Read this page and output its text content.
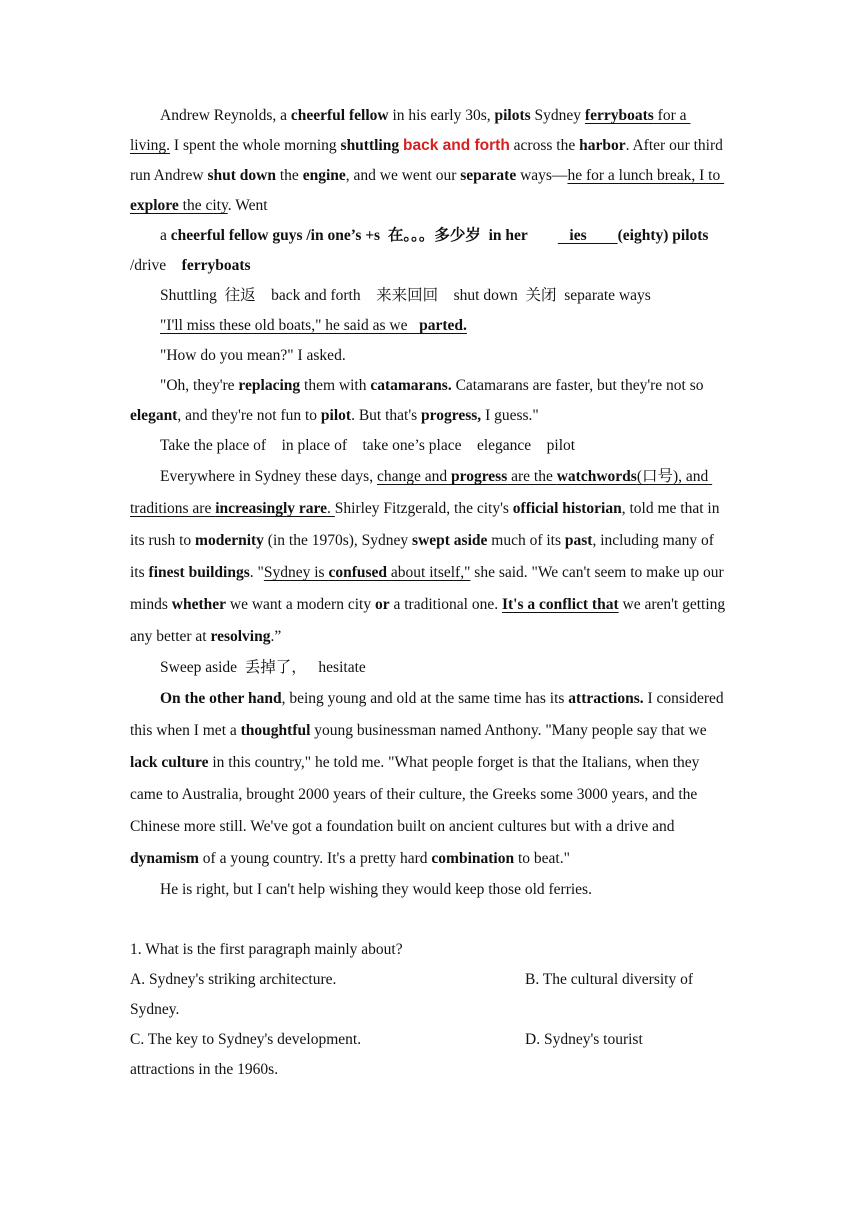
Andrew Reynolds, a cheerful fellow in his early 30s, pilots Sydney ferryboats for a living. I spent the whole morning shuttling back and forth across the harbor. After our third run Andrew shut down the engine, and we went our separate ways—he for a lunch break, I to explore the city. Went

a cheerful fellow guys /in one’s +s  在。。。多少岁  in her   ies        (eighty) pilots /drive    ferryboats

Shuttling  往返    back and forth    来来回回    shut down  关闭  separate ways

"I'll miss these old boats," he said as we   parted.

"How do you mean?" I asked.

"Oh, they're replacing them with catamarans. Catamarans are faster, but they're not so elegant, and they're not fun to pilot. But that's progress, I guess."

Take the place of    in place of    take one’s place    elegance    pilot

Everywhere in Sydney these days, change and progress are the watchwords(口号), and traditions are increasingly rare. Shirley Fitzgerald, the city's official historian, told me that in its rush to modernity (in the 1970s), Sydney swept aside much of its past, including many of its finest buildings. "Sydney is confused about itself," she said. "We can't seem to make up our minds whether we want a modern city or a traditional one. It's a conflict that we aren't getting any better at resolving.”

Sweep aside  丢掉了，   hesitate

On the other hand, being young and old at the same time has its attractions. I considered this when I met a thoughtful young businessman named Anthony. "Many people say that we lack culture in this country," he told me. "What people forget is that the Italians, when they came to Australia, brought 2000 years of their culture, the Greeks some 3000 years, and the Chinese more still. We've got a foundation built on ancient cultures but with a drive and dynamism of a young country. It's a pretty hard combination to beat."

He is right, but I can't help wishing they would keep those old ferries.

1. What is the first paragraph mainly about?

A. Sydney's striking architecture.	B. The cultural diversity of

Sydney.

C. The key to Sydney's development.	D. Sydney's tourist

attractions in the 1960s.
